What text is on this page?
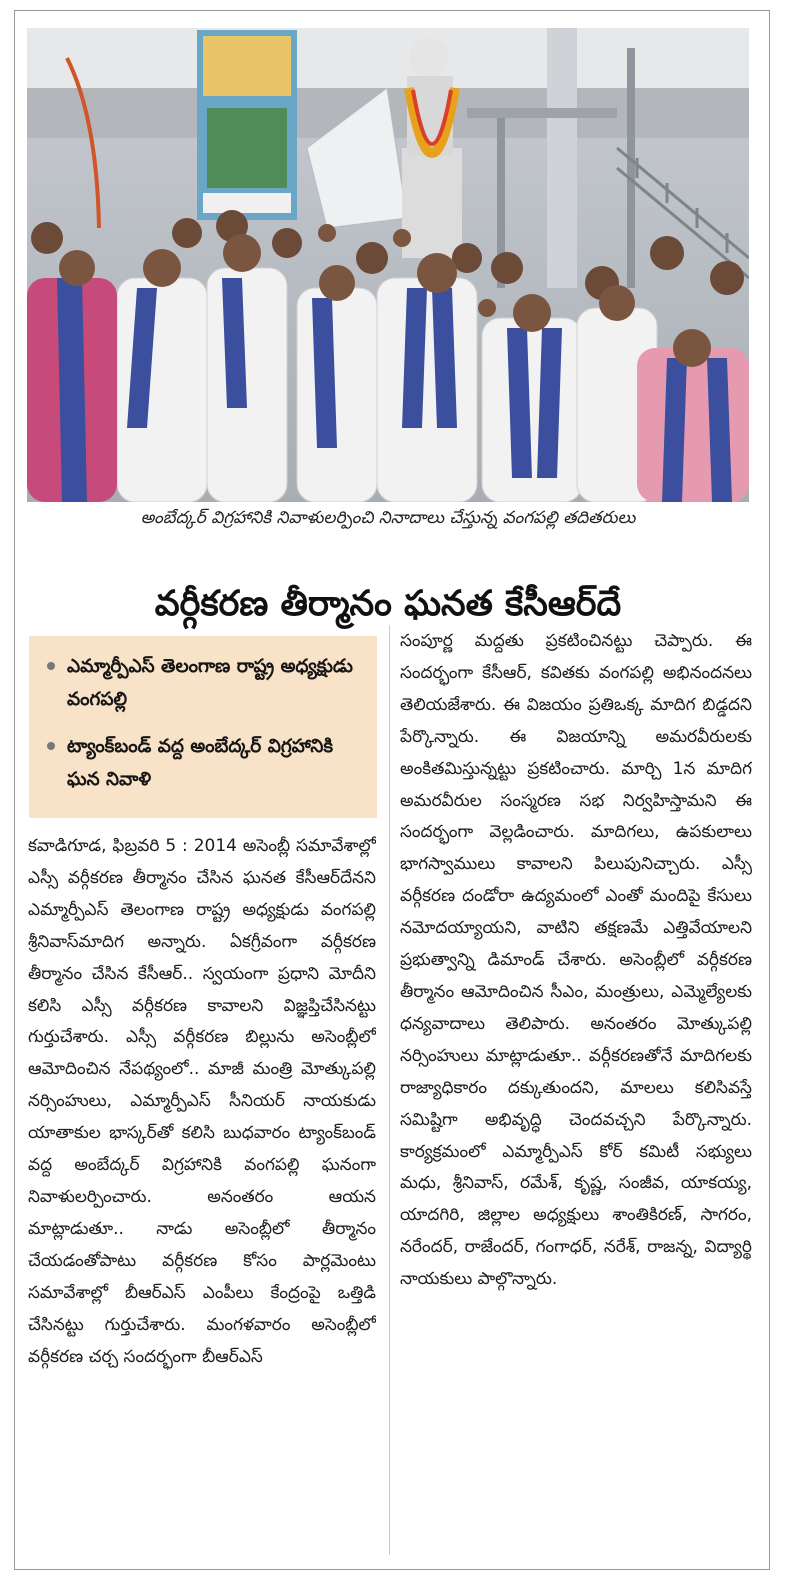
అంబేద్కర్ విగ్రహానికి నివాళులర్పించి నినాదాలు చేస్తున్న వంగపల్లి తదితరులు
వర్గీకరణ తీర్మానం ఘనత కేసీఆర్‌దే
ఎమ్మార్పీఎస్ తెలంగాణ రాష్ట్ర అధ్యక్షుడు వంగపల్లి
ట్యాంక్‌బండ్ వద్ద అంబేద్కర్ విగ్రహానికి ఘన నివాళి

కవాడిగూడ, ఫిబ్రవరి 5 : 2014 అసెంబ్లీ సమావేశాల్లో ఎస్సీ వర్గీకరణ తీర్మానం చేసిన ఘనత కేసీఆర్‌దేనని ఎమ్మార్పీఎస్ తెలంగాణ రాష్ట్ర అధ్యక్షుడు వంగపల్లి శ్రీనివాస్‌మాదిగ అన్నారు. ఏకగ్రీవంగా వర్గీకరణ తీర్మానం చేసిన కేసీఆర్.. స్వయంగా ప్రధాని మోదీని కలిసి ఎస్సీ వర్గీకరణ కావాలని విజ్ఞప్తిచేసినట్టు గుర్తుచేశారు. ఎస్సీ వర్గీకరణ బిల్లును అసెంబ్లీలో ఆమోదించిన నేపథ్యంలో.. మాజీ మంత్రి మోత్కుపల్లి నర్సింహులు, ఎమ్మార్పీఎస్ సీనియర్ నాయకుడు యాతాకుల భాస్కర్‌తో కలిసి బుధవారం ట్యాంక్‌బండ్ వద్ద అంబేద్కర్ విగ్రహానికి వంగపల్లి ఘనంగా నివాళులర్పించారు. అనంతరం ఆయన మాట్లాడుతూ.. నాడు అసెంబ్లీలో తీర్మానం చేయడంతోపాటు వర్గీకరణ కోసం పార్లమెంటు సమావేశాల్లో బీఆర్ఎస్ ఎంపీలు కేంద్రంపై ఒత్తిడి చేసినట్టు గుర్తుచేశారు. మంగళవారం అసెంబ్లీలో వర్గీకరణ చర్చ సందర్భంగా బీఆర్ఎస్

సంపూర్ణ మద్దతు ప్రకటించినట్టు చెప్పారు. ఈ సందర్భంగా కేసీఆర్, కవితకు వంగపల్లి అభినందనలు తెలియజేశారు. ఈ విజయం ప్రతిఒక్క మాదిగ బిడ్డదని పేర్కొన్నారు. ఈ విజయాన్ని అమరవీరులకు అంకితమిస్తున్నట్టు ప్రకటించారు. మార్చి 1న మాదిగ అమరవీరుల సంస్మరణ సభ నిర్వహిస్తామని ఈ సందర్భంగా వెల్లడించారు. మాదిగలు, ఉపకులాలు భాగస్వాములు కావాలని పిలుపునిచ్చారు. ఎస్సీ వర్గీకరణ దండోరా ఉద్యమంలో ఎంతో మందిపై కేసులు నమోదయ్యాయని, వాటిని తక్షణమే ఎత్తివేయాలని ప్రభుత్వాన్ని డిమాండ్ చేశారు. అసెంబ్లీలో వర్గీకరణ తీర్మానం ఆమోదించిన సీఎం, మంత్రులు, ఎమ్మెల్యేలకు ధన్యవాదాలు తెలిపారు. అనంతరం మోత్కుపల్లి నర్సింహులు మాట్లాడుతూ.. వర్గీకరణతోనే మాదిగలకు రాజ్యాధికారం దక్కుతుందని, మాలలు కలిసివస్తే సమిష్టిగా అభివృద్ధి చెందవచ్చని పేర్కొన్నారు. కార్యక్రమంలో ఎమ్మార్పీఎస్ కోర్ కమిటీ సభ్యులు మధు, శ్రీనివాస్, రమేశ్, కృష్ణ, సంజీవ, యాకయ్య, యాదగిరి, జిల్లాల అధ్యక్షులు శాంతికిరణ్, సాగరం, నరేందర్, రాజేందర్, గంగాధర్, నరేశ్, రాజన్న, విద్యార్థి నాయకులు పాల్గొన్నారు.
